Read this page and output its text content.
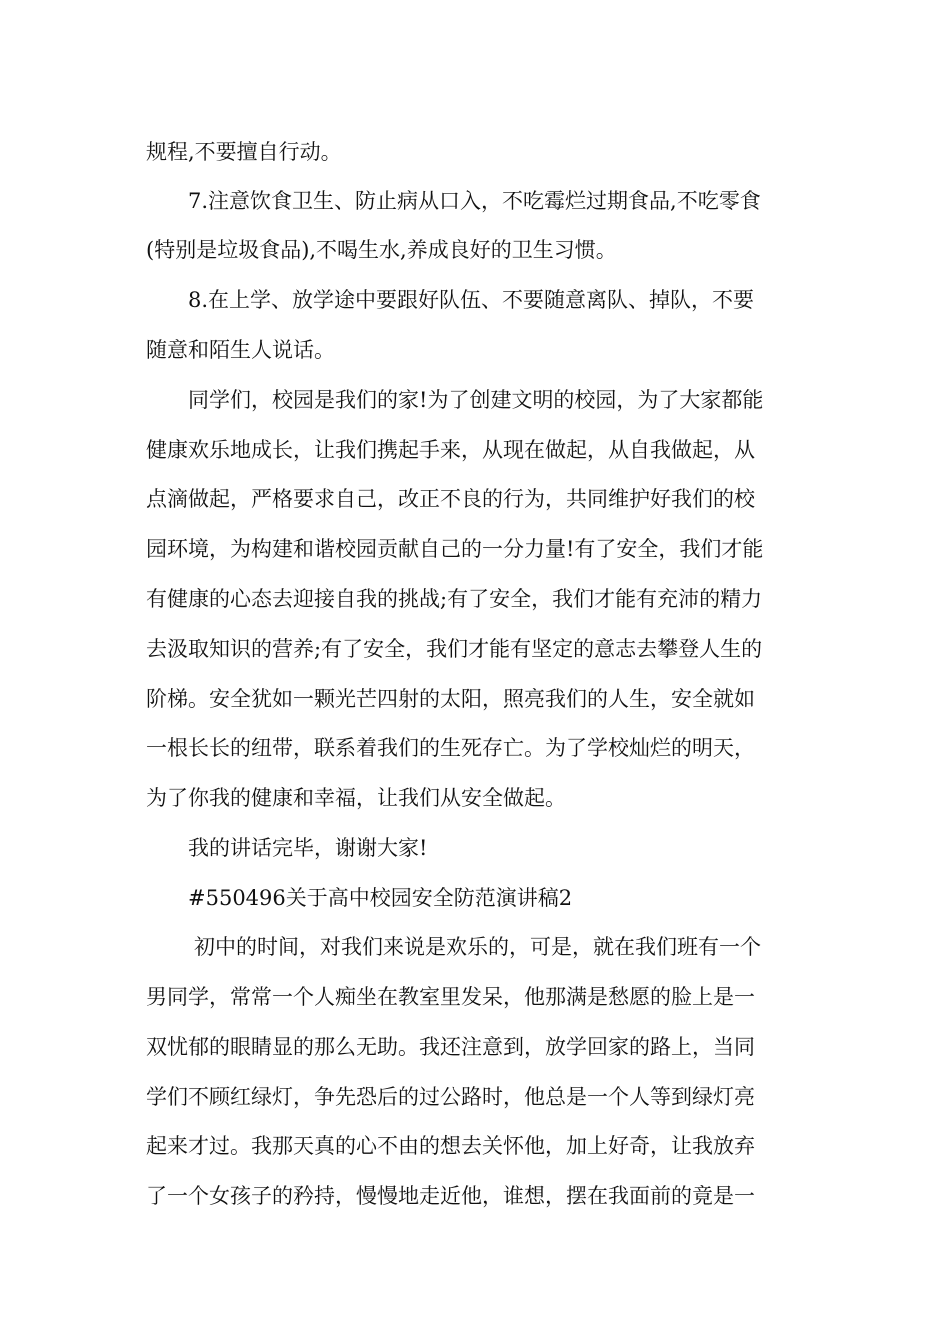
规程,不要擅自行动。
7.注意饮食卫生、防止病从口入，不吃霉烂过期食品,不吃零食
(特别是垃圾食品),不喝生水,养成良好的卫生习惯。
8.在上学、放学途中要跟好队伍、不要随意离队、掉队，不要
随意和陌生人说话。
同学们，校园是我们的家!为了创建文明的校园，为了大家都能
健康欢乐地成长，让我们携起手来，从现在做起，从自我做起，从
点滴做起，严格要求自己，改正不良的行为，共同维护好我们的校
园环境，为构建和谐校园贡献自己的一分力量!有了安全，我们才能
有健康的心态去迎接自我的挑战;有了安全，我们才能有充沛的精力
去汲取知识的营养;有了安全，我们才能有坚定的意志去攀登人生的
阶梯。安全犹如一颗光芒四射的太阳，照亮我们的人生，安全就如
一根长长的纽带，联系着我们的生死存亡。为了学校灿烂的明天，
为了你我的健康和幸福，让我们从安全做起。
我的讲话完毕，谢谢大家!
#550496关于高中校园安全防范演讲稿2
初中的时间，对我们来说是欢乐的，可是，就在我们班有一个
男同学，常常一个人痴坐在教室里发呆，他那满是愁愿的脸上是一
双忧郁的眼睛显的那么无助。我还注意到，放学回家的路上，当同
学们不顾红绿灯，争先恐后的过公路时，他总是一个人等到绿灯亮
起来才过。我那天真的心不由的想去关怀他，加上好奇，让我放弃
了一个女孩子的矜持，慢慢地走近他，谁想，摆在我面前的竟是一
